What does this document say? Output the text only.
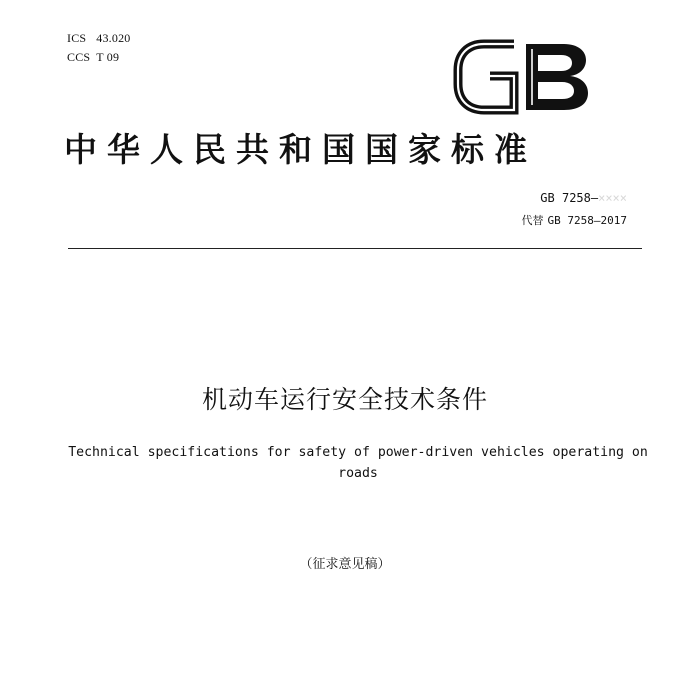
ICS 43.020
CCS T 09
中华人民共和国国家标准
GB 7258—××××
代替 GB 7258—2017
机动车运行安全技术条件
Technical specifications for safety of power-driven vehicles operating on roads
（征求意见稿）
